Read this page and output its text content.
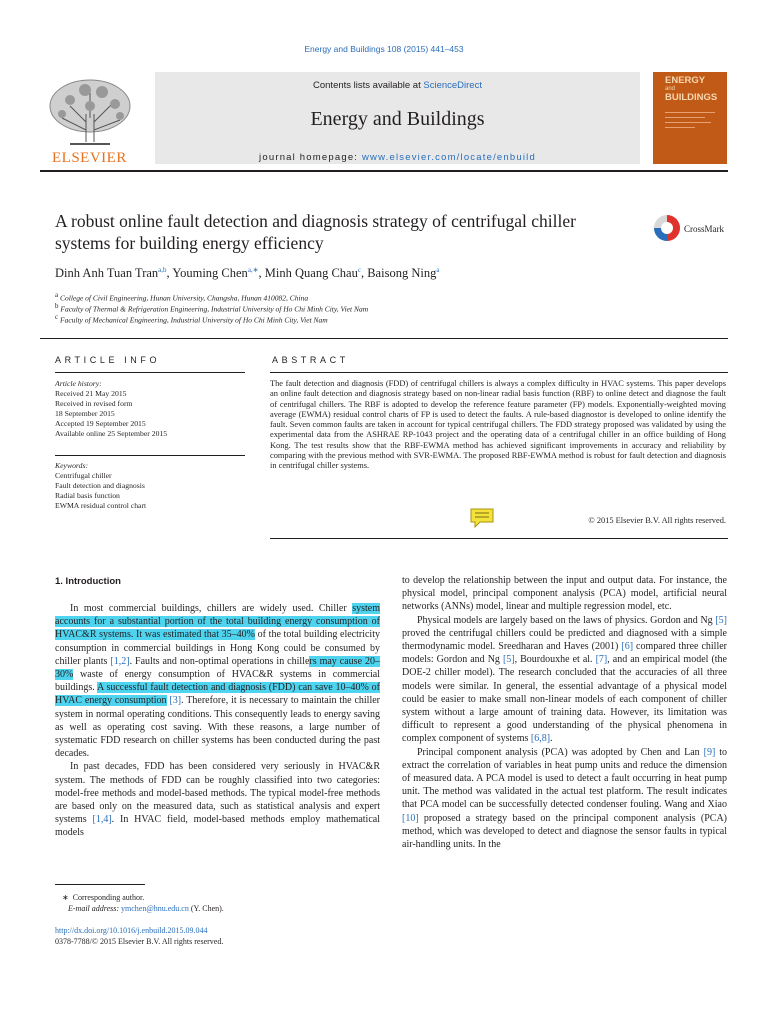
Energy and Buildings 108 (2015) 441–453
ELSEVIER
Contents lists available at ScienceDirect
Energy and Buildings
journal homepage: www.elsevier.com/locate/enbuild
ENERGY
and
BUILDINGS
A robust online fault detection and diagnosis strategy of centrifugal chiller systems for building energy efficiency
CrossMark
Dinh Anh Tuan Tran$^{a,b}$, Youming Chen$^{a,∗}$, Minh Quang Chau$^c$, Baisong Ning$^a$
$^a$ College of Civil Engineering, Hunan University, Changsha, Hunan 410082, China
$^b$ Faculty of Thermal & Refrigeration Engineering, Industrial University of Ho Chi Minh City, Viet Nam
$^c$ Faculty of Mechanical Engineering, Industrial University of Ho Chi Minh City, Viet Nam
ARTICLE INFO
Article history:
Received 21 May 2015
Received in revised form
18 September 2015
Accepted 19 September 2015
Available online 25 September 2015
Keywords:
Centrifugal chiller
Fault detection and diagnosis
Radial basis function
EWMA residual control chart
ABSTRACT
The fault detection and diagnosis (FDD) of centrifugal chillers is always a complex difficulty in HVAC systems. This paper develops an online fault detection and diagnosis strategy based on non-linear radial basis function (RBF) to online detect and diagnose the fault of centrifugal chillers. The RBF is adopted to develop the reference feature parameter (FP) models. Exponentially-weighted moving average (EWMA) residual control charts of FP is used to detect the faults. A rule-based diagnostor is developed to online identify the fault. Seven common faults are taken in account for typical centrifugal chillers. The FDD strategy proposed was validated by using the experimental data from the ASHRAE RP-1043 project and the operating data of a centrifugal chiller in an office building of Hong Kong. The test results show that the RBF-EWMA method has achieved significant improvements in accuracy and reliability by comparing with the previous method with SVR-EWMA. The proposed RBF-EWMA method is robust for fault detection and diagnosis in centrifugal chiller systems.
© 2015 Elsevier B.V. All rights reserved.
1. Introduction

In most commercial buildings, chillers are widely used. Chiller system accounts for a substantial portion of the total building energy consumption of HVAC&R systems. It was estimated that 35–40% of the total building electricity consumption in commercial buildings in Hong Kong could be consumed by chiller plants [1,2]. Faults and non-optimal operations in chillers may cause 20–30% waste of energy consumption of HVAC&R systems in commercial buildings. A successful fault detection and diagnosis (FDD) can save 10–40% of HVAC energy consumption [3]. Therefore, it is necessary to maintain the chiller system in normal operating conditions. This consequently leads to energy saving as well as operating cost saving. With these reasons, a large number of systematic FDD research on chiller systems has been conducted during the past decades.

In past decades, FDD has been considered very seriously in HVAC&R system. The methods of FDD can be roughly classified into two categories: model-free methods and model-based methods. The typical model-free methods are based only on the measured data, such as statistical analysis and expert systems [1,4]. In HVAC field, model-based methods employ mathematical models

to develop the relationship between the input and output data. For instance, the physical model, principal component analysis (PCA) model, artificial neural networks (ANNs) model, linear and multiple regression model, etc.

Physical models are largely based on the laws of physics. Gordon and Ng [5] proved the centrifugal chillers could be predicted and diagnosed with a simple thermodynamic model. Sreedharan and Haves (2001) [6] compared three chiller models: Gordon and Ng [5], Bourdouxhe et al. [7], and an empirical model (the DOE-2 chiller model). The research concluded that the accuracies of all three models were similar. In general, the essential advantage of a physical model could be easier to make small non-linear models of each component of chiller system without a large amount of training data. However, its limitation was difficult to represent a good understanding of the physical phenomena in complex component of systems [6,8].

Principal component analysis (PCA) was adopted by Chen and Lan [9] to extract the correlation of variables in heat pump units and reduce the dimension of measured data. A PCA model is used to detect a fault occurring in heat pump unit. The method was validated in the actual test platform. The result indicates that PCA model can be successfully detected condenser fouling. Wang and Xiao [10] proposed a strategy based on the principal component analysis (PCA) method, which was developed to detect and diagnose the sensor faults in typical air-handling units. In the

∗ Corresponding author.
E-mail address: ymchen@hnu.edu.cn (Y. Chen).
http://dx.doi.org/10.1016/j.enbuild.2015.09.044
0378-7788/© 2015 Elsevier B.V. All rights reserved.
